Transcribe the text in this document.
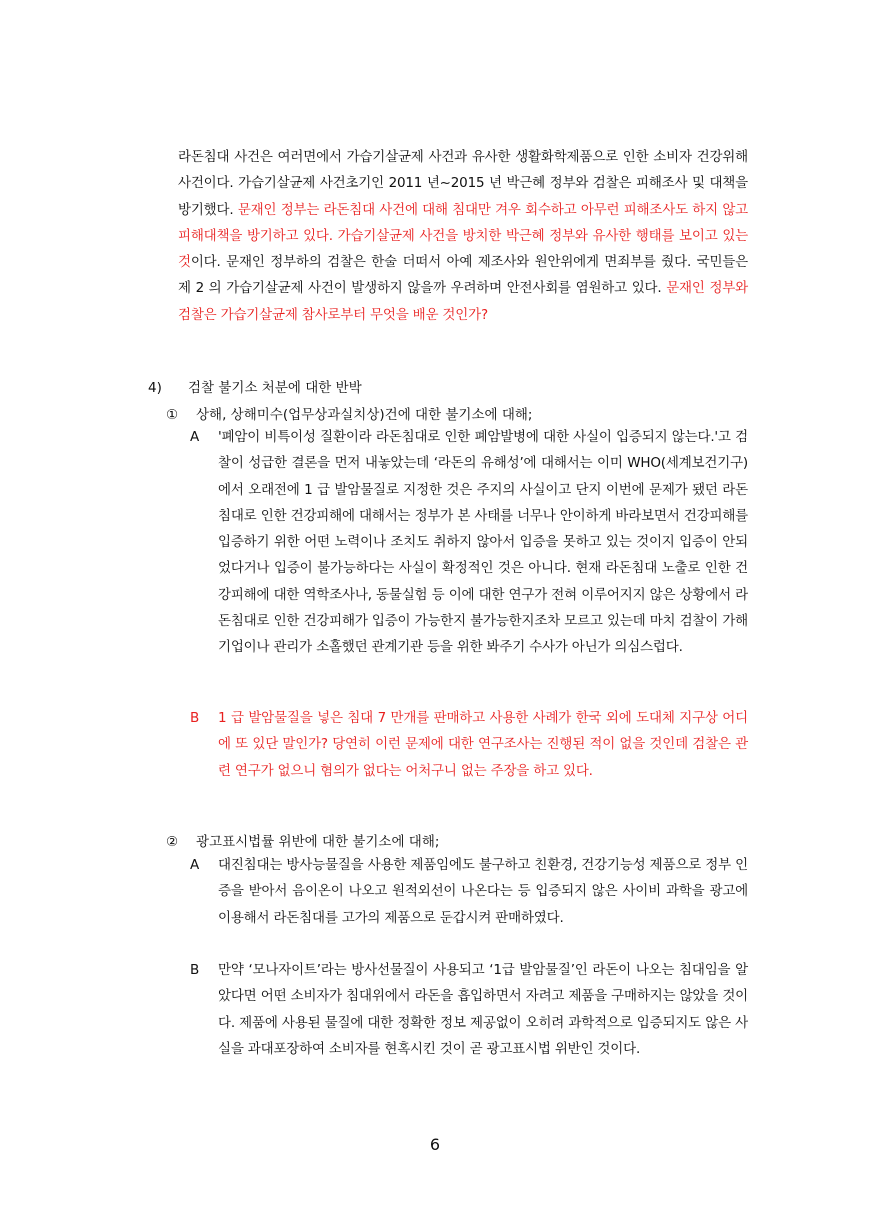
라돈침대 사건은 여러면에서 가습기살균제 사건과 유사한 생활화학제품으로 인한 소비자 건강위해 사건이다. 가습기살균제 사건초기인 2011 년~2015 년 박근혜 정부와 검찰은 피해조사 및 대책을 방기했다. 문재인 정부는 라돈침대 사건에 대해 침대만 겨우 회수하고 아무런 피해조사도 하지 않고 피해대책을 방기하고 있다. 가습기살균제 사건을 방치한 박근혜 정부와 유사한 행태를 보이고 있는 것이다. 문재인 정부하의 검찰은 한술 더떠서 아예 제조사와 원안위에게 면죄부를 줬다. 국민들은 제 2 의 가습기살균제 사건이 발생하지 않을까 우려하며 안전사회를 염원하고 있다. 문재인 정부와 검찰은 가습기살균제 참사로부터 무엇을 배운 것인가?
4) 검찰 불기소 처분에 대한 반박
① 상해, 상해미수(업무상과실치상)건에 대한 불기소에 대해;
A '폐암이 비특이성 질환이라 라돈침대로 인한 폐암발병에 대한 사실이 입증되지 않는다.'고 검찰이 성급한 결론을 먼저 내놓았는데 ‘라돈의 유해성’에 대해서는 이미 WHO(세계보건기구)에서 오래전에 1 급 발암물질로 지정한 것은 주지의 사실이고 단지 이번에 문제가 됐던 라돈침대로 인한 건강피해에 대해서는 정부가 본 사태를 너무나 안이하게 바라보면서 건강피해를 입증하기 위한 어떤 노력이나 조치도 취하지 않아서 입증을 못하고 있는 것이지 입증이 안되었다거나 입증이 불가능하다는 사실이 확정적인 것은 아니다. 현재 라돈침대 노출로 인한 건강피해에 대한 역학조사나, 동물실험 등 이에 대한 연구가 전혀 이루어지지 않은 상황에서 라돈침대로 인한 건강피해가 입증이 가능한지 불가능한지조차 모르고 있는데 마치 검찰이 가해기업이나 관리가 소홀했던 관계기관 등을 위한 봐주기 수사가 아닌가 의심스럽다.
B 1 급 발암물질을 넣은 침대 7 만개를 판매하고 사용한 사례가 한국 외에 도대체 지구상 어디에 또 있단 말인가? 당연히 이런 문제에 대한 연구조사는 진행된 적이 없을 것인데 검찰은 관련 연구가 없으니 혐의가 없다는 어처구니 없는 주장을 하고 있다.
② 광고표시법률 위반에 대한 불기소에 대해;
A 대진침대는 방사능물질을 사용한 제품임에도 불구하고 친환경, 건강기능성 제품으로 정부 인증을 받아서 음이온이 나오고 원적외선이 나온다는 등 입증되지 않은 사이비 과학을 광고에 이용해서 라돈침대를 고가의 제품으로 둔갑시켜 판매하였다.
B 만약 ‘모나자이트’라는 방사선물질이 사용되고 ‘1급 발암물질’인 라돈이 나오는 침대임을 알았다면 어떤 소비자가 침대위에서 라돈을 흡입하면서 자려고 제품을 구매하지는 않았을 것이다. 제품에 사용된 물질에 대한 정확한 정보 제공없이 오히려 과학적으로 입증되지도 않은 사실을 과대포장하여 소비자를 현혹시킨 것이 곧 광고표시법 위반인 것이다.
6
